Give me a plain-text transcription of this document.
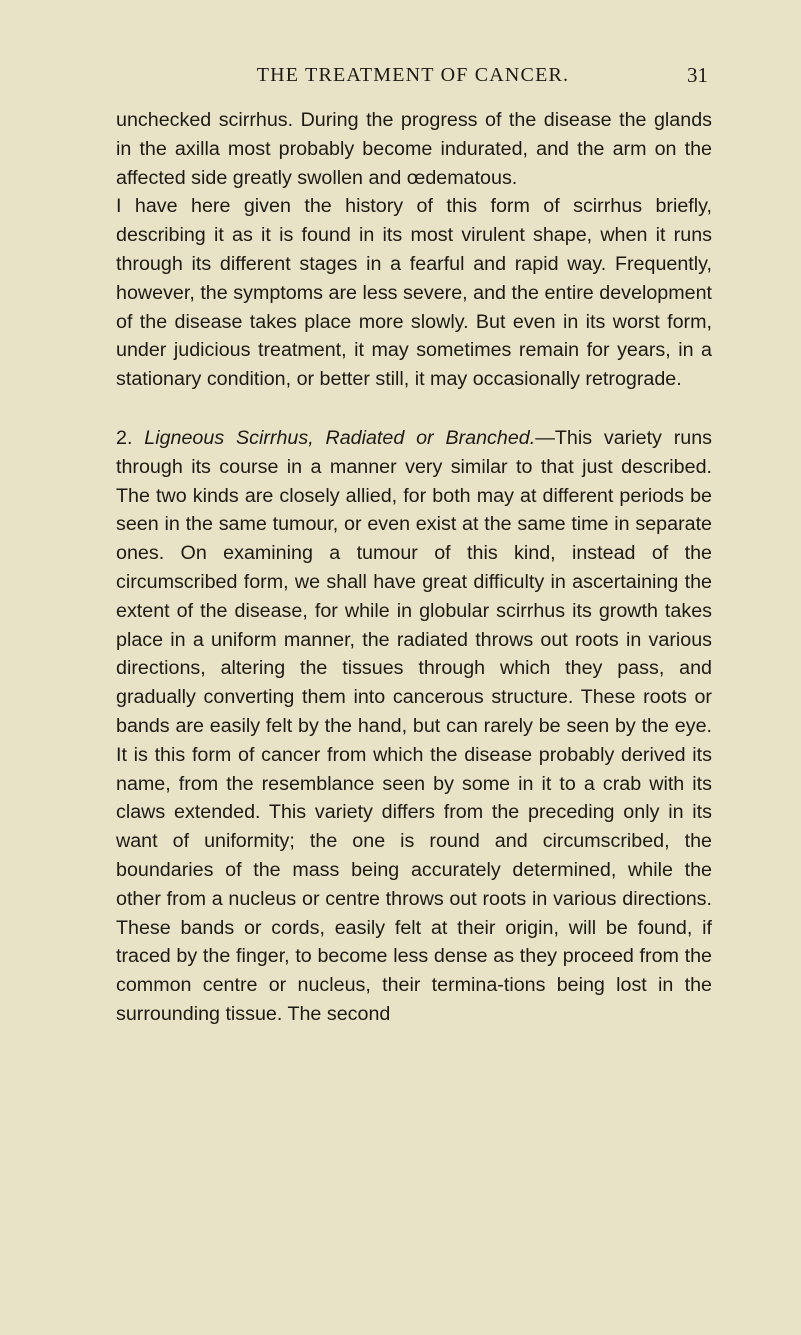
THE TREATMENT OF CANCER.	31

unchecked scirrhus. During the progress of the disease the glands in the axilla most probably become indurated, and the arm on the affected side greatly swollen and œdematous.

I have here given the history of this form of scirrhus briefly, describing it as it is found in its most virulent shape, when it runs through its different stages in a fearful and rapid way. Frequently, however, the symptoms are less severe, and the entire development of the disease takes place more slowly. But even in its worst form, under judicious treatment, it may sometimes remain for years, in a stationary condition, or better still, it may occasionally retrograde.

2. Ligneous Scirrhus, Radiated or Branched.—This variety runs through its course in a manner very similar to that just described. The two kinds are closely allied, for both may at different periods be seen in the same tumour, or even exist at the same time in separate ones. On examining a tumour of this kind, instead of the circumscribed form, we shall have great difficulty in ascertaining the extent of the disease, for while in globular scirrhus its growth takes place in a uniform manner, the radiated throws out roots in various directions, altering the tissues through which they pass, and gradually converting them into cancerous structure. These roots or bands are easily felt by the hand, but can rarely be seen by the eye. It is this form of cancer from which the disease probably derived its name, from the resemblance seen by some in it to a crab with its claws extended. This variety differs from the preceding only in its want of uniformity; the one is round and circumscribed, the boundaries of the mass being accurately determined, while the other from a nucleus or centre throws out roots in various directions. These bands or cords, easily felt at their origin, will be found, if traced by the finger, to become less dense as they proceed from the common centre or nucleus, their termina-tions being lost in the surrounding tissue. The second
